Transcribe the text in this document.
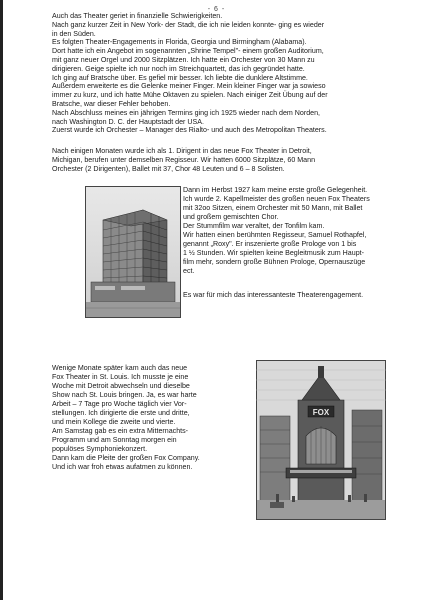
- 6 -
Auch das Theater geriet in finanzielle Schwierigkeiten.
Nach ganz kurzer Zeit in New York- der Stadt, die ich nie leiden konnte- ging es wieder
in den Süden.
Es folgten Theater-Engagements in Florida, Georgia und Birmingham (Alabama).
Dort hatte ich ein Angebot im sogenannten „Shrine Tempel"- einem großen Auditorium,
mit ganz neuer Orgel und 2000 Sitzplätzen. Ich hatte ein Orchester von 30 Mann zu
dirigieren. Geige spielte ich nur noch im Streichquartett, das ich gegründet hatte.
Ich ging auf Bratsche über. Es gefiel mir besser. Ich liebte die dunklere Altstimme.
Außerdem erweiterte es die Gelenke meiner Finger. Mein kleiner Finger war ja sowieso
immer zu kurz, und ich hatte Mühe Oktaven zu spielen. Nach einiger Zeit Übung auf der
Bratsche, war dieser Fehler behoben.
Nach Abschluss meines ein jährigen Termins ging ich 1925 wieder nach dem Norden,
nach Washington D. C. der Hauptstadt der USA.
Zuerst wurde ich Orchester – Manager des Rialto- und auch des Metropolitan Theaters.
Nach einigen Monaten wurde ich als 1. Dirigent in das neue Fox Theater in Detroit,
Michigan, berufen unter demselben Regisseur. Wir hatten 6000 Sitzplätze, 60 Mann
Orchester (2 Dirigenten), Ballet mit 37, Chor 48 Leuten und 6 – 8 Solisten.
Dann im Herbst 1927 kam meine erste große Gelegenheit.
Ich wurde 2. Kapellmeister des großen neuen Fox Theaters
mit 32oo Sitzen, einem Orchester mit 50 Mann, mit Ballet
und großem gemischten Chor.
Der Stummfilm war veraltet, der Tonfilm kam.
Wir hatten einen berühmten Regisseur, Samuel Rothapfel,
genannt „Roxy". Er inszenierte große Prologe von 1 bis
1 ½ Stunden. Wir spielten keine Begleitmusik zum Haupt-
film mehr, sondern große Bühnen Prologe, Opernauszüge
ect.
Es war für mich das interessanteste Theaterengagement.
Wenige Monate später kam auch das neue
Fox Theater in St. Louis. Ich musste je eine
Woche mit Detroit abwechseln und dieselbe
Show nach St. Louis bringen. Ja, es war harte
Arbeit – 7 Tage pro Woche täglich vier Vor-
stellungen. Ich dirigierte die erste und dritte,
und mein Kollege die zweite und vierte.
Am Samstag gab es ein extra Mitternachts-
Programm und am Sonntag morgen ein
populöses Symphoniekonzert.
Dann kam die Pleite der großen Fox Company.
Und ich war froh etwas aufatmen zu können.
FOX
